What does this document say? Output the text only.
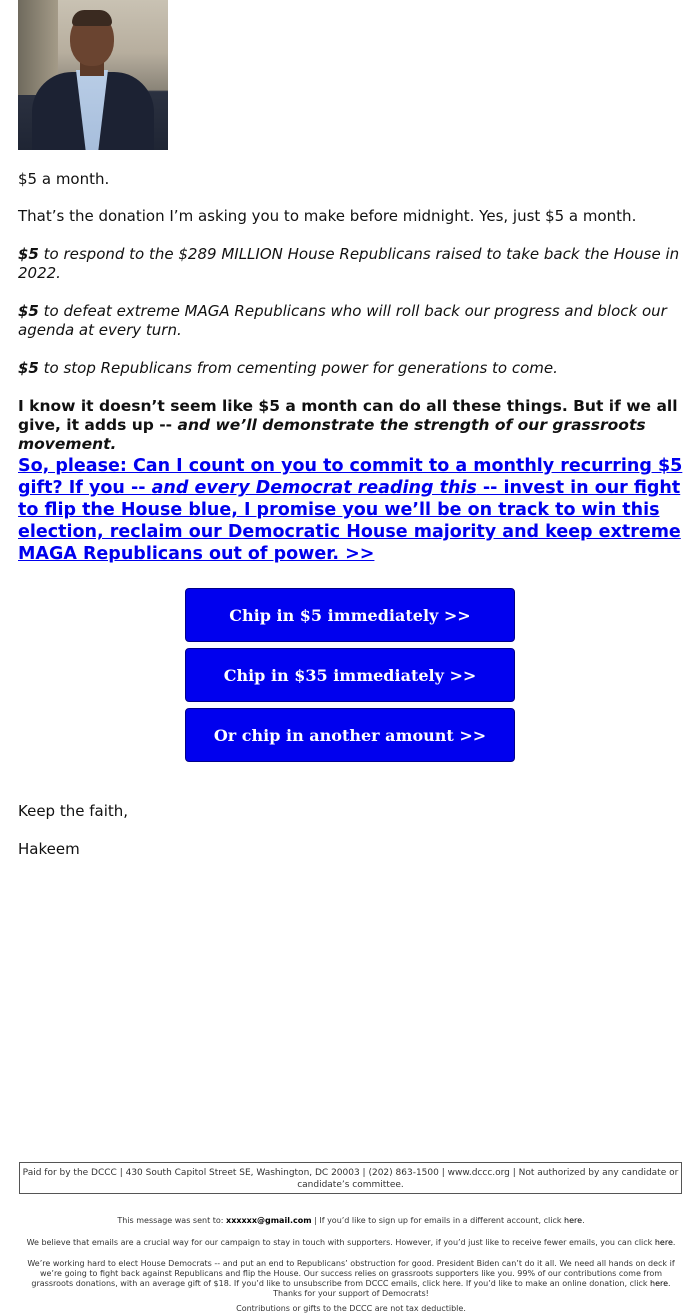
$5 a month.

That’s the donation I’m asking you to make before midnight. Yes, just $5 a month.

$5 to respond to the $289 MILLION House Republicans raised to take back the House in 2022.

$5 to defeat extreme MAGA Republicans who will roll back our progress and block our agenda at every turn.

$5 to stop Republicans from cementing power for generations to come.

I know it doesn’t seem like $5 a month can do all these things. But if we all give, it adds up -- and we’ll demonstrate the strength of our grassroots movement.

So, please: Can I count on you to commit to a monthly recurring $5 gift? If you -- and every Democrat reading this -- invest in our fight to flip the House blue, I promise you we’ll be on track to win this election, reclaim our Democratic House majority and keep extreme MAGA Republicans out of power. >>

Chip in $5 immediately >>
Chip in $35 immediately >>
Or chip in another amount >>

Keep the faith,

Hakeem

Paid for by the DCCC | 430 South Capitol Street SE, Washington, DC 20003 | (202) 863-1500 | www.dccc.org | Not authorized by any candidate or candidate’s committee.
This message was sent to: xxxxxx@gmail.com | If you’d like to sign up for emails in a different account, click here.
We believe that emails are a crucial way for our campaign to stay in touch with supporters. However, if you’d just like to receive fewer emails, you can click here.
We’re working hard to elect House Democrats -- and put an end to Republicans’ obstruction for good. President Biden can’t do it all. We need all hands on deck if we’re going to fight back against Republicans and flip the House. Our success relies on grassroots supporters like you. 99% of our contributions come from grassroots donations, with an average gift of $18. If you’d like to unsubscribe from DCCC emails, click here. If you’d like to make an online donation, click here. Thanks for your support of Democrats!
Contributions or gifts to the DCCC are not tax deductible.
